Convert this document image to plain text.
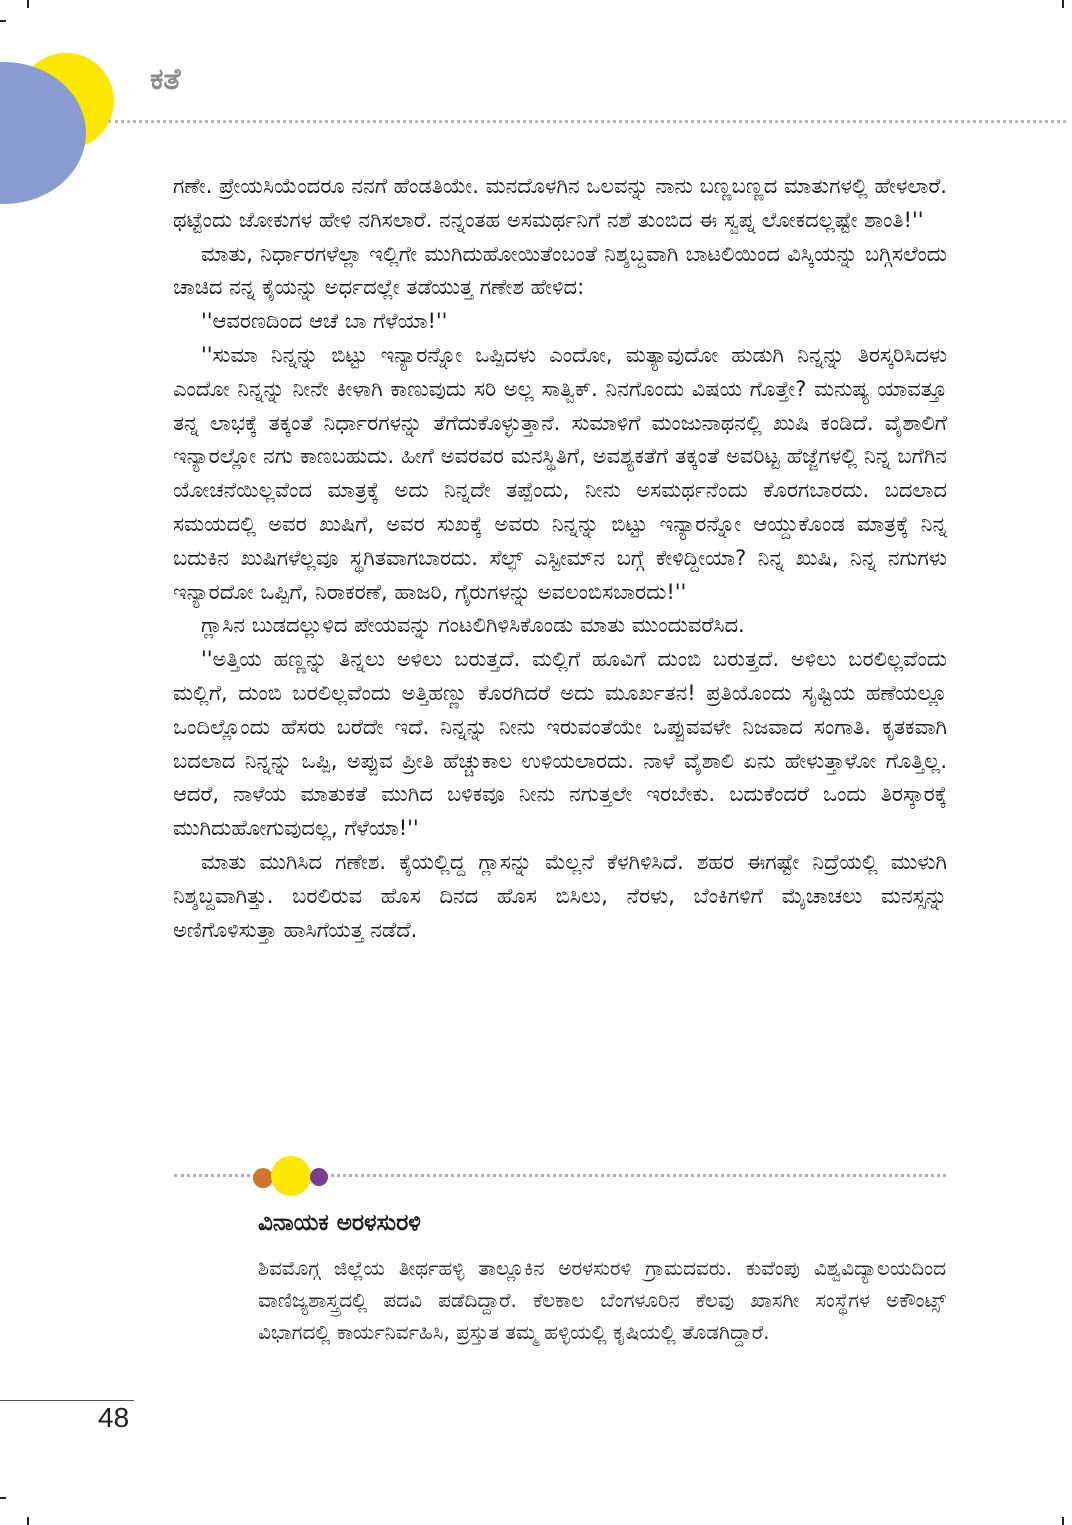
ಕತೆ

ಗಣೇ. ಪ್ರೇಯಸಿಯೆಂದರೂ ನನಗೆ ಹೆಂಡತಿಯೇ. ಮನದೊಳಗಿನ ಒಲವನ್ನು ನಾನು ಬಣ್ಣಬಣ್ಣದ ಮಾತುಗಳಲ್ಲಿ ಹೇಳಲಾರೆ. ಥಟ್ಟೆಂದು ಜೋಕುಗಳ ಹೇಳಿ ನಗಿಸಲಾರೆ. ನನ್ನಂತಹ ಅಸಮರ್ಥನಿಗೆ ನಶೆ ತುಂಬಿದ ಈ ಸ್ವಪ್ನ ಲೋಕದಲ್ಲಷ್ಟೇ ಶಾಂತಿ!''

ಮಾತು, ನಿರ್ಧಾರಗಳೆಲ್ಲಾ ಇಲ್ಲಿಗೇ ಮುಗಿದುಹೋಯಿತೆಂಬಂತೆ ನಿಶ್ಶಬ್ದವಾಗಿ ಬಾಟಲಿಯಿಂದ ವಿಸ್ಕಿಯನ್ನು ಬಗ್ಗಿಸಲೆಂದು ಚಾಚಿದ ನನ್ನ ಕೈಯನ್ನು ಅರ್ಧದಲ್ಲೇ ತಡೆಯುತ್ತ ಗಣೇಶ ಹೇಳಿದ:

''ಆವರಣದಿಂದ ಆಚೆ ಬಾ ಗೆಳೆಯಾ!''

''ಸುಮಾ ನಿನ್ನನ್ನು ಬಿಟ್ಟು ಇನ್ಯಾರನ್ನೋ ಒಪ್ಪಿದಳು ಎಂದೋ, ಮತ್ಯಾವುದೋ ಹುಡುಗಿ ನಿನ್ನನ್ನು ತಿರಸ್ಕರಿಸಿದಳು ಎಂದೋ ನಿನ್ನನ್ನು ನೀನೇ ಕೀಳಾಗಿ ಕಾಣುವುದು ಸರಿ ಅಲ್ಲ ಸಾತ್ವಿಕ್. ನಿನಗೊಂದು ವಿಷಯ ಗೊತ್ತೇ? ಮನುಷ್ಯ ಯಾವತ್ತೂ ತನ್ನ ಲಾಭಕ್ಕೆ ತಕ್ಕಂತೆ ನಿರ್ಧಾರಗಳನ್ನು ತೆಗೆದುಕೊಳ್ಳುತ್ತಾನೆ. ಸುಮಾಳಿಗೆ ಮಂಜುನಾಥನಲ್ಲಿ ಖುಷಿ ಕಂಡಿದೆ. ವೈಶಾಲಿಗೆ ಇನ್ಯಾರಲ್ಲೋ ನಗು ಕಾಣಬಹುದು. ಹೀಗೆ ಅವರವರ ಮನಸ್ಥಿತಿಗೆ, ಅವಶ್ಯಕತೆಗೆ ತಕ್ಕಂತೆ ಅವರಿಟ್ಟ ಹೆಜ್ಜೆಗಳಲ್ಲಿ ನಿನ್ನ ಬಗೆಗಿನ ಯೋಚನೆಯಿಲ್ಲವೆಂದ ಮಾತ್ರಕ್ಕೆ ಅದು ನಿನ್ನದೇ ತಪ್ಪೆಂದು, ನೀನು ಅಸಮರ್ಥನೆಂದು ಕೊರಗಬಾರದು. ಬದಲಾದ ಸಮಯದಲ್ಲಿ ಅವರ ಖುಷಿಗೆ, ಅವರ ಸುಖಕ್ಕೆ ಅವರು ನಿನ್ನನ್ನು ಬಿಟ್ಟು ಇನ್ಯಾರನ್ನೋ ಆಯ್ದುಕೊಂಡ ಮಾತ್ರಕ್ಕೆ ನಿನ್ನ ಬದುಕಿನ ಖುಷಿಗಳೆಲ್ಲವೂ ಸ್ಥಗಿತವಾಗಬಾರದು. ಸೆಲ್ಫ್ ಎಸ್ಟೀಮ್‌ನ ಬಗ್ಗೆ ಕೇಳಿದ್ದೀಯಾ? ನಿನ್ನ ಖುಷಿ, ನಿನ್ನ ನಗುಗಳು ಇನ್ಯಾರದೋ ಒಪ್ಪಿಗೆ, ನಿರಾಕರಣೆ, ಹಾಜರಿ, ಗೈರುಗಳನ್ನು ಅವಲಂಬಿಸಬಾರದು!''

ಗ್ಲಾಸಿನ ಬುಡದಲ್ಲುಳಿದ ಪೇಯವನ್ನು ಗಂಟಲಿಗಿಳಿಸಿಕೊಂಡು ಮಾತು ಮುಂದುವರೆಸಿದ.

''ಅತ್ತಿಯ ಹಣ್ಣನ್ನು ತಿನ್ನಲು ಅಳಿಲು ಬರುತ್ತದೆ. ಮಲ್ಲಿಗೆ ಹೂವಿಗೆ ದುಂಬಿ ಬರುತ್ತದೆ. ಅಳಿಲು ಬರಲಿಲ್ಲವೆಂದು ಮಲ್ಲಿಗೆ, ದುಂಬಿ ಬರಲಿಲ್ಲವೆಂದು ಅತ್ತಿಹಣ್ಣು ಕೊರಗಿದರೆ ಅದು ಮೂರ್ಖತನ! ಪ್ರತಿಯೊಂದು ಸೃಷ್ಟಿಯ ಹಣೆಯಲ್ಲೂ ಒಂದಿಲ್ಲೊಂದು ಹೆಸರು ಬರೆದೇ ಇದೆ. ನಿನ್ನನ್ನು ನೀನು ಇರುವಂತೆಯೇ ಒಪ್ಪುವವಳೇ ನಿಜವಾದ ಸಂಗಾತಿ. ಕೃತಕವಾಗಿ ಬದಲಾದ ನಿನ್ನನ್ನು ಒಪ್ಪಿ, ಅಪ್ಪುವ ಪ್ರೀತಿ ಹೆಚ್ಚುಕಾಲ ಉಳಿಯಲಾರದು. ನಾಳೆ ವೈಶಾಲಿ ಏನು ಹೇಳುತ್ತಾಳೋ ಗೊತ್ತಿಲ್ಲ. ಆದರೆ, ನಾಳೆಯ ಮಾತುಕತೆ ಮುಗಿದ ಬಳಿಕವೂ ನೀನು ನಗುತ್ತಲೇ ಇರಬೇಕು. ಬದುಕೆಂದರೆ ಒಂದು ತಿರಸ್ಕಾರಕ್ಕೆ ಮುಗಿದುಹೋಗುವುದಲ್ಲ, ಗೆಳೆಯಾ!''

ಮಾತು ಮುಗಿಸಿದ ಗಣೇಶ. ಕೈಯಲ್ಲಿದ್ದ ಗ್ಲಾಸನ್ನು ಮೆಲ್ಲನೆ ಕೆಳಗಿಳಿಸಿದೆ. ಶಹರ ಈಗಷ್ಟೇ ನಿದ್ರೆಯಲ್ಲಿ ಮುಳುಗಿ ನಿಶ್ಶಬ್ದವಾಗಿತ್ತು. ಬರಲಿರುವ ಹೊಸ ದಿನದ ಹೊಸ ಬಿಸಿಲು, ನೆರಳು, ಬೆಂಕಿಗಳಿಗೆ ಮೈಚಾಚಲು ಮನಸ್ಸನ್ನು ಅಣಿಗೊಳಿಸುತ್ತಾ ಹಾಸಿಗೆಯತ್ತ ನಡೆದೆ.

ವಿನಾಯಕ ಅರಳಸುರಳಿ
ಶಿವಮೊಗ್ಗ ಜಿಲ್ಲೆಯ ತೀರ್ಥಹಳ್ಳಿ ತಾಲ್ಲೂಕಿನ ಅರಳಸುರಳಿ ಗ್ರಾಮದವರು. ಕುವೆಂಪು ವಿಶ್ವವಿದ್ಯಾಲಯದಿಂದ ವಾಣಿಜ್ಯಶಾಸ್ತ್ರದಲ್ಲಿ ಪದವಿ ಪಡೆದಿದ್ದಾರೆ. ಕೆಲಕಾಲ ಬೆಂಗಳೂರಿನ ಕೆಲವು ಖಾಸಗೀ ಸಂಸ್ಥೆಗಳ ಅಕೌಂಟ್ಸ್ ವಿಭಾಗದಲ್ಲಿ ಕಾರ್ಯನಿರ್ವಹಿಸಿ, ಪ್ರಸ್ತುತ ತಮ್ಮ ಹಳ್ಳಿಯಲ್ಲಿ ಕೃಷಿಯಲ್ಲಿ ತೊಡಗಿದ್ದಾರೆ.
48
